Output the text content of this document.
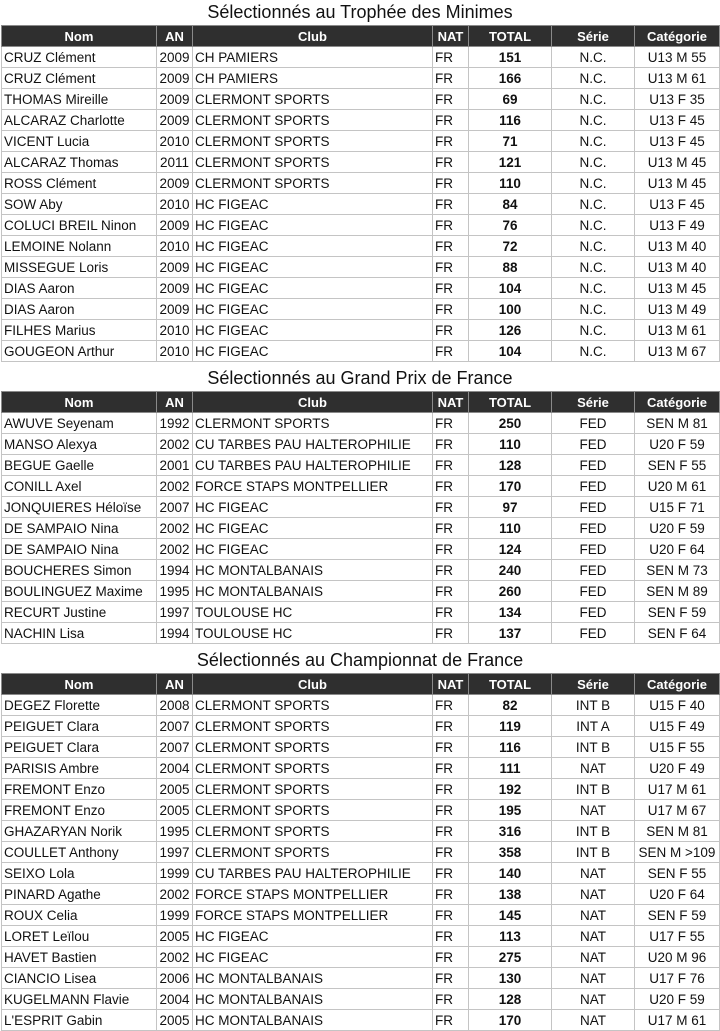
Sélectionnés au Trophée des Minimes
Nom	AN	Club	NAT	TOTAL	Série	Catégorie
CRUZ Clément	2009	CH PAMIERS	FR	151	N.C.	U13 M 55
CRUZ Clément	2009	CH PAMIERS	FR	166	N.C.	U13 M 61
THOMAS Mireille	2009	CLERMONT SPORTS	FR	69	N.C.	U13 F 35
ALCARAZ Charlotte	2009	CLERMONT SPORTS	FR	116	N.C.	U13 F 45
VICENT Lucia	2010	CLERMONT SPORTS	FR	71	N.C.	U13 F 45
ALCARAZ Thomas	2011	CLERMONT SPORTS	FR	121	N.C.	U13 M 45
ROSS Clément	2009	CLERMONT SPORTS	FR	110	N.C.	U13 M 45
SOW Aby	2010	HC FIGEAC	FR	84	N.C.	U13 F 45
COLUCI BREIL Ninon	2009	HC FIGEAC	FR	76	N.C.	U13 F 49
LEMOINE Nolann	2010	HC FIGEAC	FR	72	N.C.	U13 M 40
MISSEGUE Loris	2009	HC FIGEAC	FR	88	N.C.	U13 M 40
DIAS Aaron	2009	HC FIGEAC	FR	104	N.C.	U13 M 45
DIAS Aaron	2009	HC FIGEAC	FR	100	N.C.	U13 M 49
FILHES Marius	2010	HC FIGEAC	FR	126	N.C.	U13 M 61
GOUGEON Arthur	2010	HC FIGEAC	FR	104	N.C.	U13 M 67
Sélectionnés au Grand Prix de France
Nom	AN	Club	NAT	TOTAL	Série	Catégorie
AWUVE Seyenam	1992	CLERMONT SPORTS	FR	250	FED	SEN M 81
MANSO Alexya	2002	CU TARBES PAU HALTEROPHILIE	FR	110	FED	U20 F 59
BEGUE Gaelle	2001	CU TARBES PAU HALTEROPHILIE	FR	128	FED	SEN F 55
CONILL Axel	2002	FORCE STAPS MONTPELLIER	FR	170	FED	U20 M 61
JONQUIERES Héloïse	2007	HC FIGEAC	FR	97	FED	U15 F 71
DE SAMPAIO Nina	2002	HC FIGEAC	FR	110	FED	U20 F 59
DE SAMPAIO Nina	2002	HC FIGEAC	FR	124	FED	U20 F 64
BOUCHERES Simon	1994	HC MONTALBANAIS	FR	240	FED	SEN M 73
BOULINGUEZ Maxime	1995	HC MONTALBANAIS	FR	260	FED	SEN M 89
RECURT Justine	1997	TOULOUSE HC	FR	134	FED	SEN F 59
NACHIN Lisa	1994	TOULOUSE HC	FR	137	FED	SEN F 64
Sélectionnés au Championnat de France
Nom	AN	Club	NAT	TOTAL	Série	Catégorie
DEGEZ Florette	2008	CLERMONT SPORTS	FR	82	INT B	U15 F 40
PEIGUET Clara	2007	CLERMONT SPORTS	FR	119	INT A	U15 F 49
PEIGUET Clara	2007	CLERMONT SPORTS	FR	116	INT B	U15 F 55
PARISIS Ambre	2004	CLERMONT SPORTS	FR	111	NAT	U20 F 49
FREMONT Enzo	2005	CLERMONT SPORTS	FR	192	INT B	U17 M 61
FREMONT Enzo	2005	CLERMONT SPORTS	FR	195	NAT	U17 M 67
GHAZARYAN Norik	1995	CLERMONT SPORTS	FR	316	INT B	SEN M 81
COULLET Anthony	1997	CLERMONT SPORTS	FR	358	INT B	SEN M >109
SEIXO Lola	1999	CU TARBES PAU HALTEROPHILIE	FR	140	NAT	SEN F 55
PINARD Agathe	2002	FORCE STAPS MONTPELLIER	FR	138	NAT	U20 F 64
ROUX Celia	1999	FORCE STAPS MONTPELLIER	FR	145	NAT	SEN F 59
LORET Leïlou	2005	HC FIGEAC	FR	113	NAT	U17 F 55
HAVET Bastien	2002	HC FIGEAC	FR	275	NAT	U20 M 96
CIANCIO Lisea	2006	HC MONTALBANAIS	FR	130	NAT	U17 F 76
KUGELMANN Flavie	2004	HC MONTALBANAIS	FR	128	NAT	U20 F 59
L'ESPRIT Gabin	2005	HC MONTALBANAIS	FR	170	NAT	U17 M 61
